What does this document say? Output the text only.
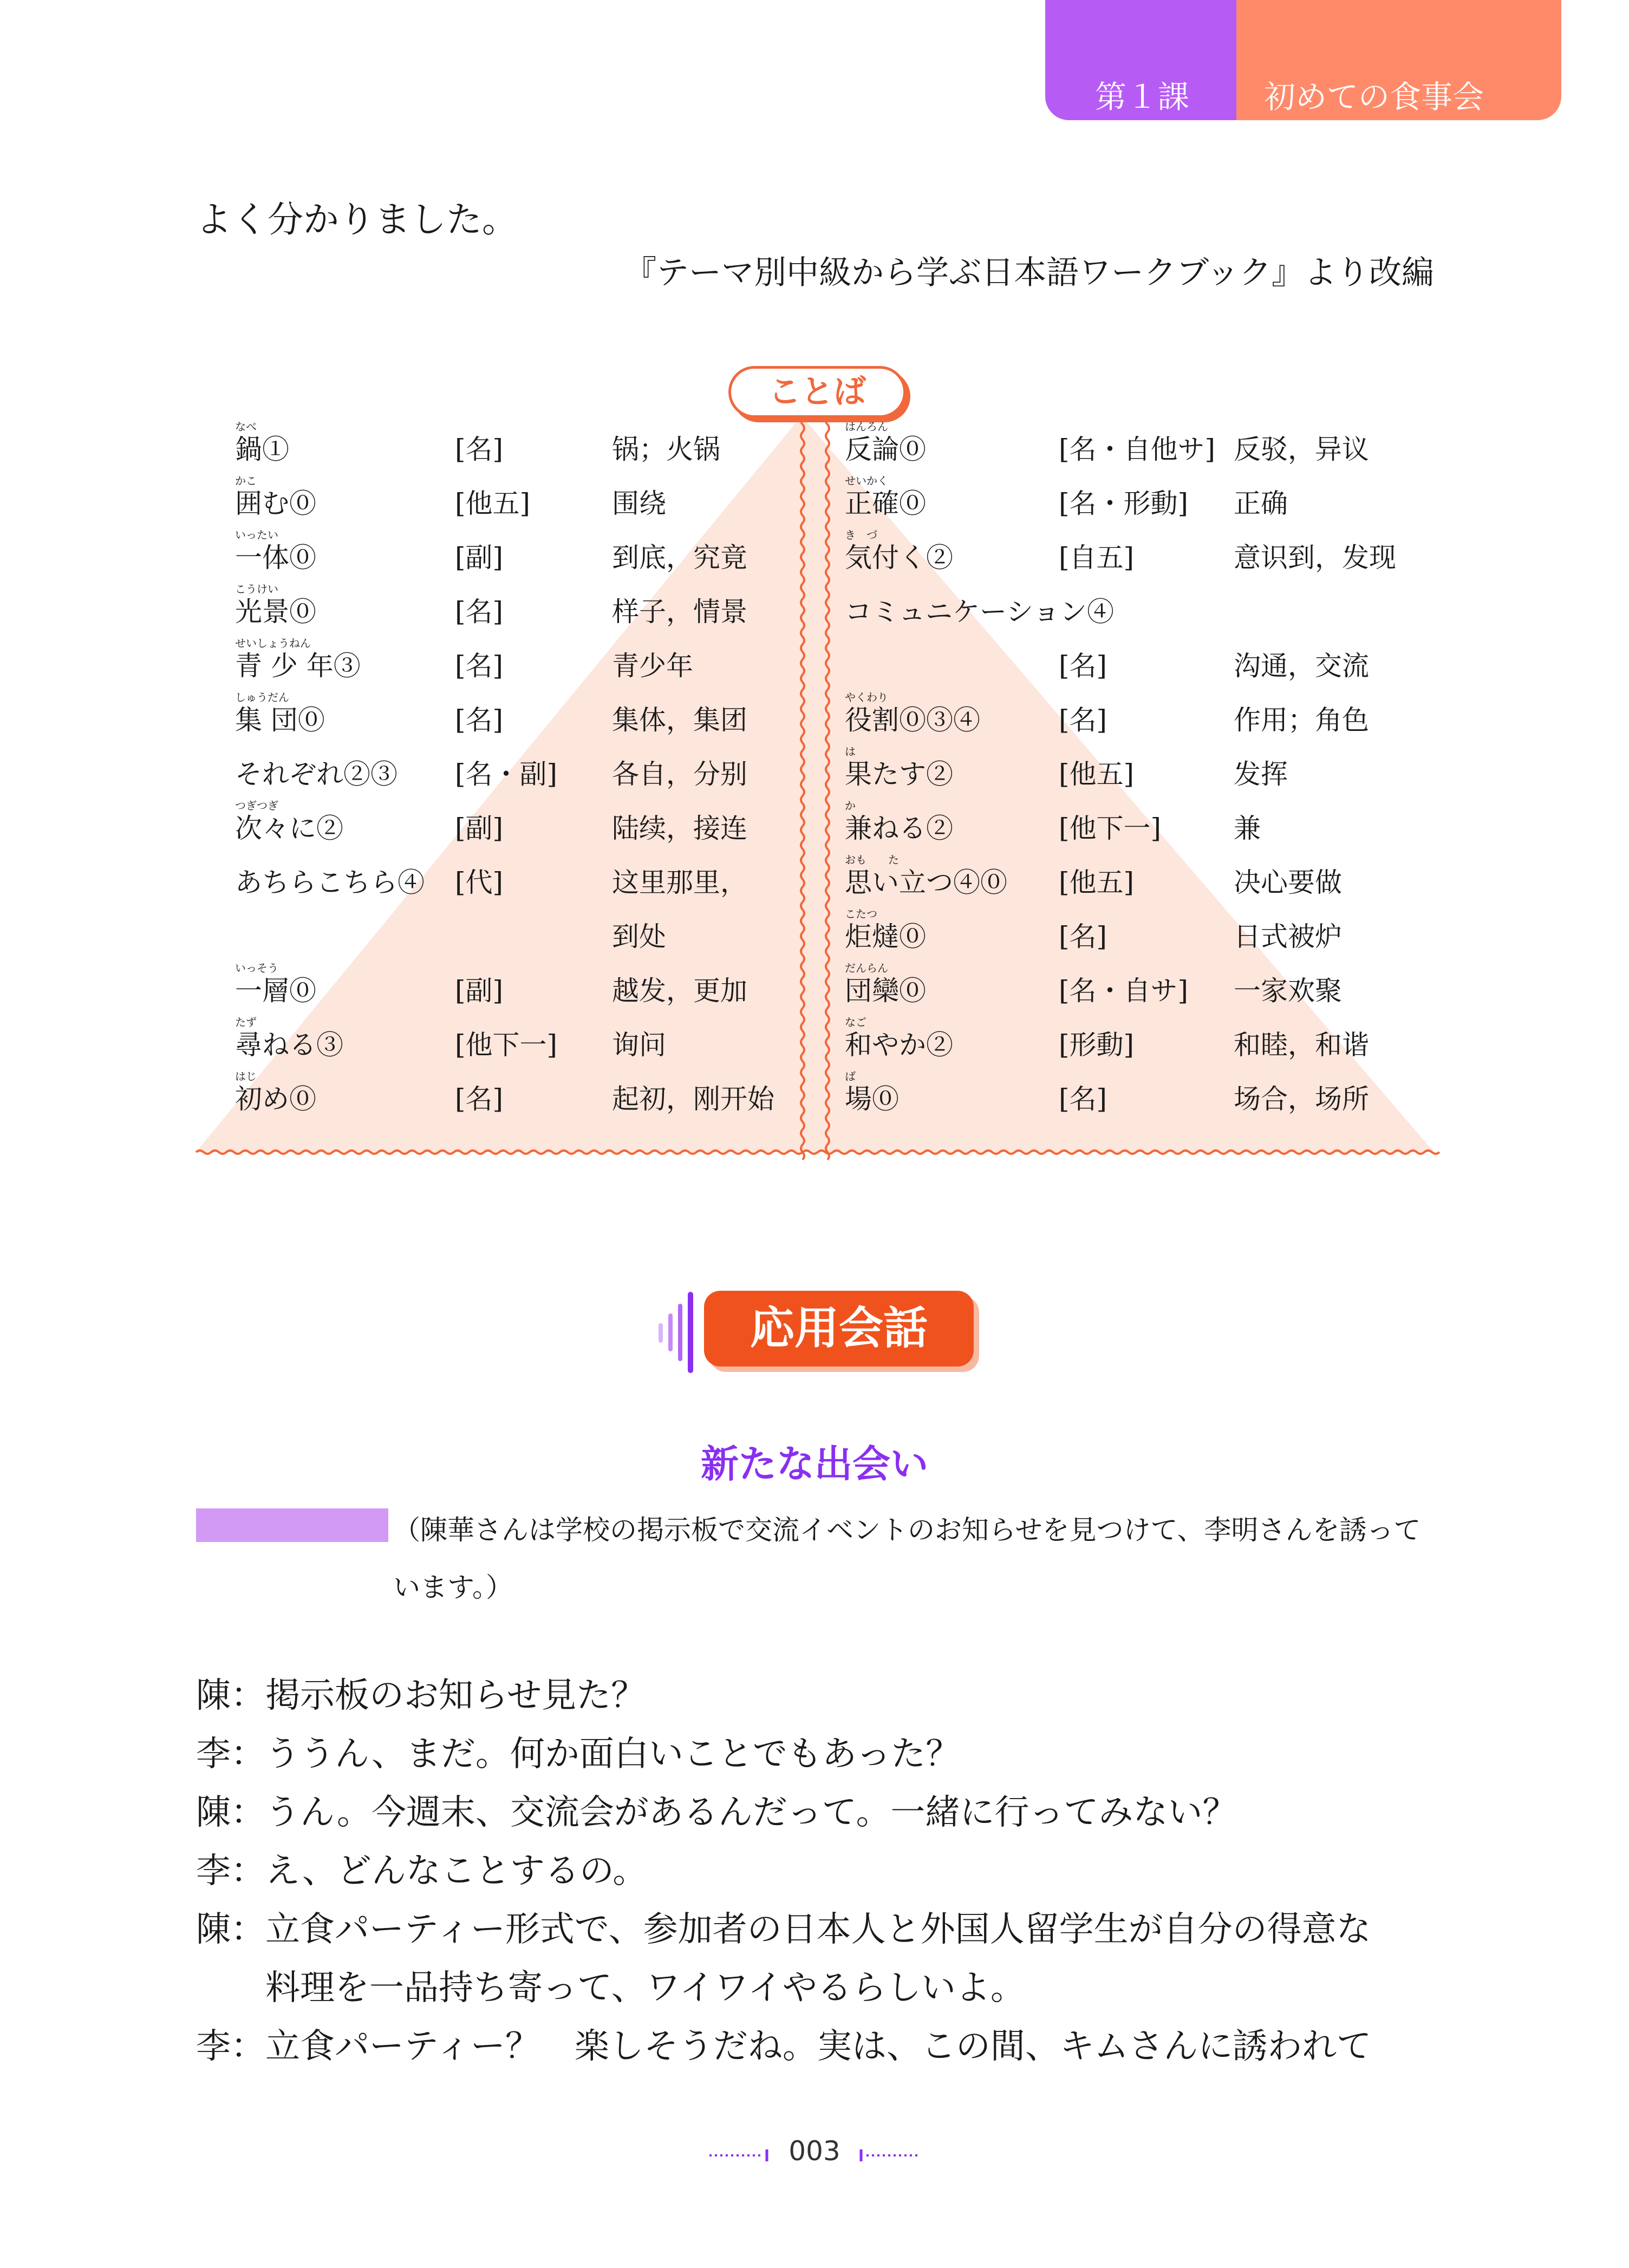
第１課 初めての食事会
よく分かりました。
『テーマ別中級から学ぶ日本語ワークブック』より改編
ことば
なべ
鍋①	[名]	锅；火锅
かこ
囲む⓪	[他五]	围绕
いったい
一体⓪	[副]	到底，究竟
こうけい
光景⓪	[名]	样子，情景
せいしょうねん
青 少 年③	[名]	青少年
しゅうだん
集 団⓪	[名]	集体，集团
それぞれ②③ [名・副] 各自，分别
つぎつぎ
次々に②	[副]	陆续，接连
あちらこちら④ [代]	这里那里，
到处
いっそう
一層⓪	[副]	越发，更加
たず
尋ねる③	[他下一] 询问
はじ
初め⓪	[名]	起初，刚开始
はんろん
反論⓪	[名・自他サ] 反驳，异议
せいかく
正確⓪	[名・形動] 正确
き　づ
気付く②	[自五]	意识到，发现
コミュニケーション④
[名]	沟通，交流
やくわり
役割⓪③④	[名]	作用；角色
は
果たす②	[他五]	发挥
か
兼ねる②	[他下一]	兼
おも　　た
思い立つ④⓪ [他五]	决心要做
こたつ
炬燵⓪	[名]	日式被炉
だんらん
団欒⓪	[名・自サ] 一家欢聚
なご
和やか②	[形動]	和睦，和谐
ば
場⓪	[名]	场合，场所
応用会話
新たな出会い
（陳華さんは学校の掲示板で交流イベントのお知らせを見つけて、李明さんを誘って
います。）
陳：掲示板のお知らせ見た？
李：ううん、まだ。何か面白いことでもあった？
陳：うん。今週末、交流会があるんだって。一緒に行ってみない？
李：え、どんなことするの。
陳：立食パーティー形式で、参加者の日本人と外国人留学生が自分の得意な
　　料理を一品持ち寄って、ワイワイやるらしいよ。
李：立食パーティー？　楽しそうだね。実は、この間、キムさんに誘われて
003
